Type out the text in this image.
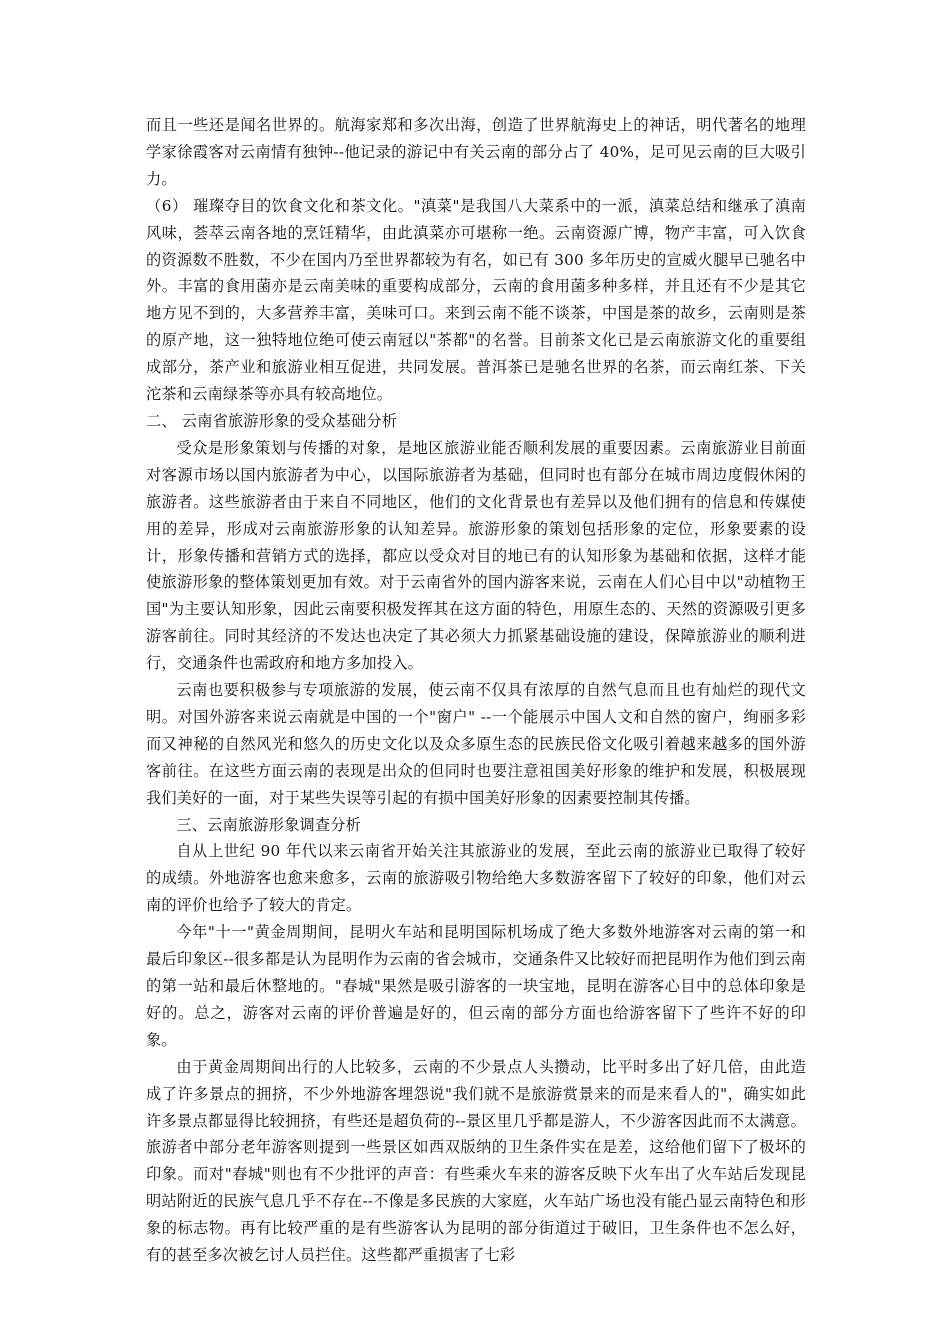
而且一些还是闻名世界的。航海家郑和多次出海，创造了世界航海史上的神话，明代著名的地理学家徐霞客对云南情有独钟--他记录的游记中有关云南的部分占了 40%，足可见云南的巨大吸引力。

（6） 璀璨夺目的饮食文化和茶文化。"滇菜"是我国八大菜系中的一派，滇菜总结和继承了滇南风味，荟萃云南各地的烹饪精华，由此滇菜亦可堪称一绝。云南资源广博，物产丰富，可入饮食的资源数不胜数，不少在国内乃至世界都较为有名，如已有 300 多年历史的宣威火腿早已驰名中外。丰富的食用菌亦是云南美味的重要构成部分，云南的食用菌多种多样，并且还有不少是其它地方见不到的，大多营养丰富，美味可口。来到云南不能不谈茶，中国是茶的故乡，云南则是茶的原产地，这一独特地位绝可使云南冠以"茶都"的名誉。目前茶文化已是云南旅游文化的重要组成部分，茶产业和旅游业相互促进，共同发展。普洱茶已是驰名世界的名茶，而云南红茶、下关沱茶和云南绿茶等亦具有较高地位。

二、 云南省旅游形象的受众基础分析

受众是形象策划与传播的对象，是地区旅游业能否顺利发展的重要因素。云南旅游业目前面对客源市场以国内旅游者为中心，以国际旅游者为基础，但同时也有部分在城市周边度假休闲的旅游者。这些旅游者由于来自不同地区，他们的文化背景也有差异以及他们拥有的信息和传媒使用的差异，形成对云南旅游形象的认知差异。旅游形象的策划包括形象的定位，形象要素的设计，形象传播和营销方式的选择，都应以受众对目的地已有的认知形象为基础和依据，这样才能使旅游形象的整体策划更加有效。对于云南省外的国内游客来说，云南在人们心目中以"动植物王国"为主要认知形象，因此云南要积极发挥其在这方面的特色，用原生态的、天然的资源吸引更多游客前往。同时其经济的不发达也决定了其必须大力抓紧基础设施的建设，保障旅游业的顺利进行，交通条件也需政府和地方多加投入。

云南也要积极参与专项旅游的发展，使云南不仅具有浓厚的自然气息而且也有灿烂的现代文明。对国外游客来说云南就是中国的一个"窗户" --一个能展示中国人文和自然的窗户，绚丽多彩而又神秘的自然风光和悠久的历史文化以及众多原生态的民族民俗文化吸引着越来越多的国外游客前往。在这些方面云南的表现是出众的但同时也要注意祖国美好形象的维护和发展，积极展现我们美好的一面，对于某些失误等引起的有损中国美好形象的因素要控制其传播。

三、云南旅游形象调查分析

自从上世纪 90 年代以来云南省开始关注其旅游业的发展，至此云南的旅游业已取得了较好的成绩。外地游客也愈来愈多，云南的旅游吸引物给绝大多数游客留下了较好的印象，他们对云南的评价也给予了较大的肯定。

今年"十一"黄金周期间，昆明火车站和昆明国际机场成了绝大多数外地游客对云南的第一和最后印象区--很多都是认为昆明作为云南的省会城市，交通条件又比较好而把昆明作为他们到云南的第一站和最后休整地的。"春城"果然是吸引游客的一块宝地，昆明在游客心目中的总体印象是好的。总之，游客对云南的评价普遍是好的，但云南的部分方面也给游客留下了些许不好的印象。

由于黄金周期间出行的人比较多，云南的不少景点人头攒动，比平时多出了好几倍，由此造成了许多景点的拥挤，不少外地游客埋怨说"我们就不是旅游赏景来的而是来看人的"，确实如此许多景点都显得比较拥挤，有些还是超负荷的--景区里几乎都是游人，不少游客因此而不太满意。旅游者中部分老年游客则提到一些景区如西双版纳的卫生条件实在是差，这给他们留下了极坏的印象。而对"春城"则也有不少批评的声音：有些乘火车来的游客反映下火车出了火车站后发现昆明站附近的民族气息几乎不存在--不像是多民族的大家庭，火车站广场也没有能凸显云南特色和形象的标志物。再有比较严重的是有些游客认为昆明的部分街道过于破旧，卫生条件也不怎么好，有的甚至多次被乞讨人员拦住。这些都严重损害了七彩
